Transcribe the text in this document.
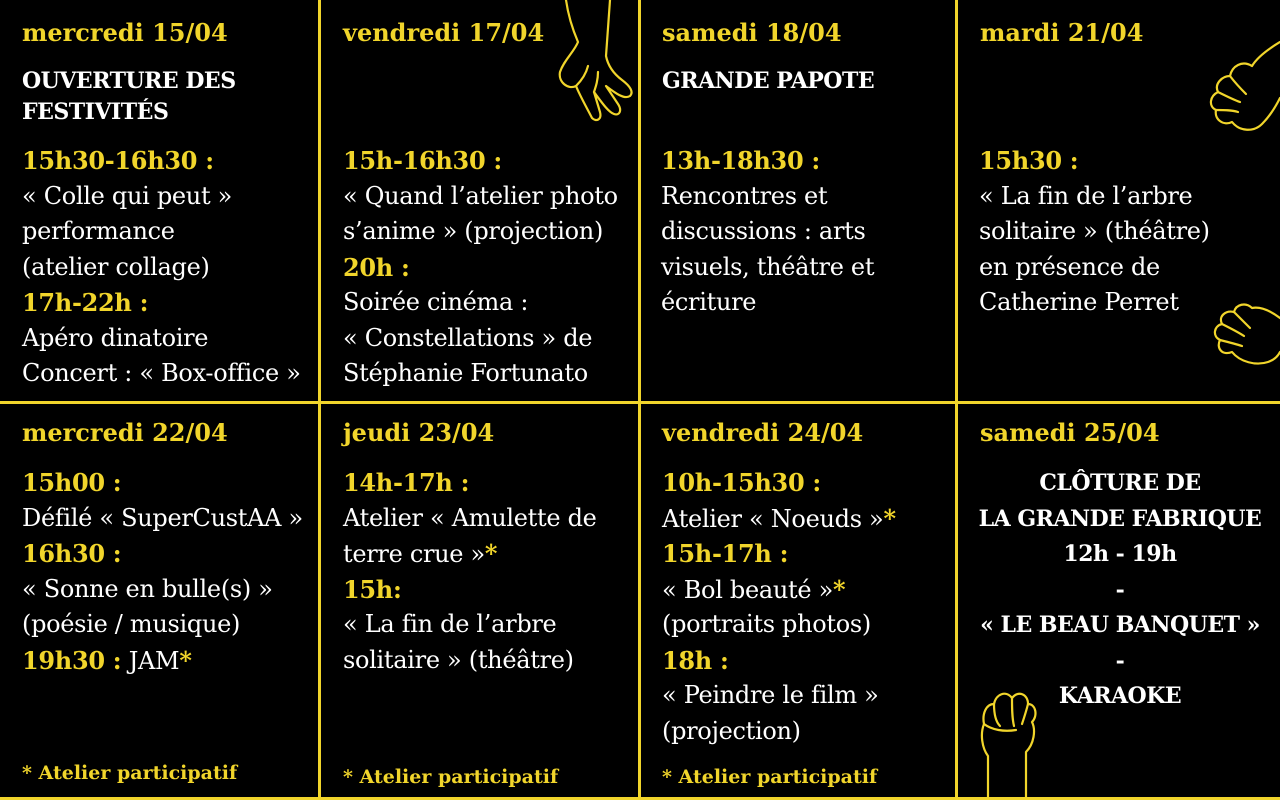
mercredi 15/04
OUVERTURE DES
FESTIVITÉS
15h30-16h30 :
« Colle qui peut »
performance
(atelier collage)
17h-22h :
Apéro dinatoire
Concert : « Box-office »
vendredi 17/04
15h-16h30 :
« Quand l’atelier photo
s’anime » (projection)
20h :
Soirée cinéma :
« Constellations » de
Stéphanie Fortunato
samedi 18/04
GRANDE PAPOTE
13h-18h30 :
Rencontres et
discussions : arts
visuels, théâtre et
écriture
mardi 21/04
15h30 :
« La fin de l’arbre
solitaire » (théâtre)
en présence de
Catherine Perret
mercredi 22/04
15h00 :
Défilé « SuperCustAA »
16h30 :
« Sonne en bulle(s) »
(poésie / musique)
19h30 : JAM*
* Atelier participatif
jeudi 23/04
14h-17h :
Atelier « Amulette de
terre crue »*
15h:
« La fin de l’arbre
solitaire » (théâtre)
* Atelier participatif
vendredi 24/04
10h-15h30 :
Atelier « Noeuds »*
15h-17h :
« Bol beauté »*
(portraits photos)
18h :
« Peindre le film »
(projection)
* Atelier participatif
samedi 25/04
CLÔTURE DE
LA GRANDE FABRIQUE
12h - 19h
-
« LE BEAU BANQUET »
-
KARAOKE
